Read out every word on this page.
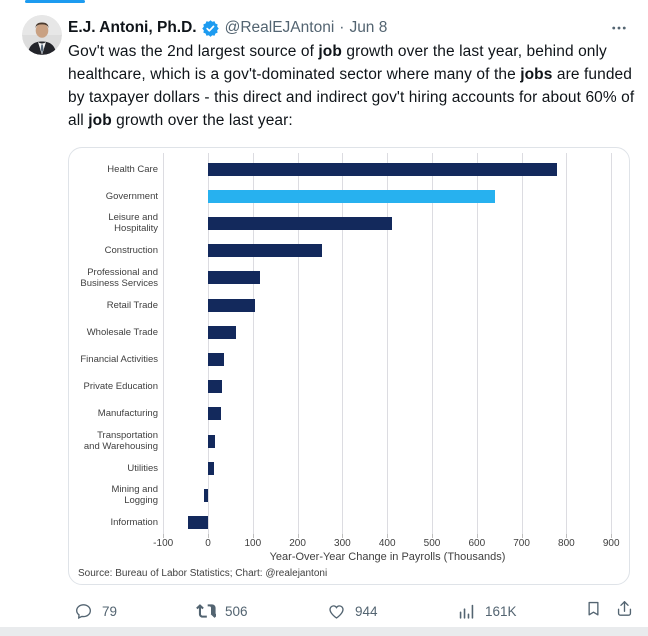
E.J. Antoni, Ph.D. @RealEJAntoni · Jun 8
Gov't was the 2nd largest source of job growth over the last year, behind only healthcare, which is a gov't-dominated sector where many of the jobs are funded by taxpayer dollars - this direct and indirect gov't hiring accounts for about 60% of all job growth over the last year:
Year-Over-Year Change in Payrolls (Thousands)
Source: Bureau of Labor Statistics; Chart: @realejantoni
-100	0	100	200	300	400	500	600	700	800	900
Health Care
Government
Leisure and
Hospitality
Construction
Professional and
Business Services
Retail Trade
Wholesale Trade
Financial Activities
Private Education
Manufacturing
Transportation
and Warehousing
Utilities
Mining and
Logging
Information
79	506	944	161K
